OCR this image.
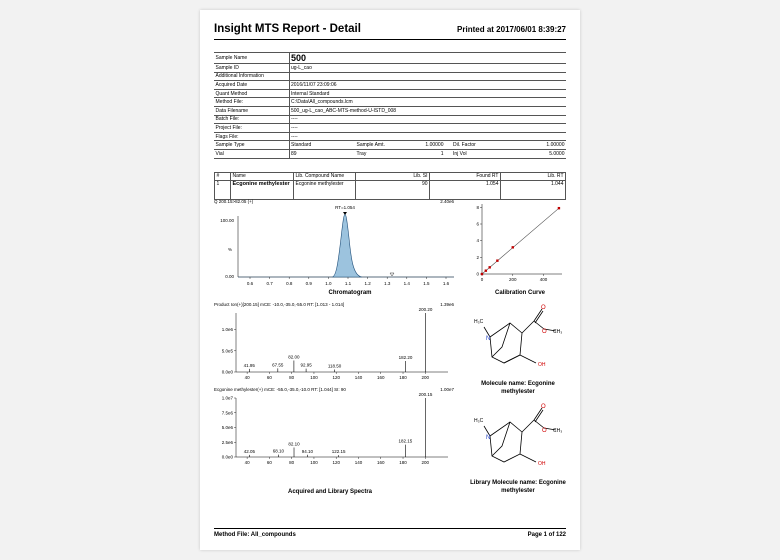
Insight MTS Report - Detail	Printed at 2017/06/01 8:39:27
Sample Name	500				
Sample ID	ug-L_cao				
Additional Information					
Acquired Date	2016/11/07 23:09:06				
Quant Method	Internal Standard				
Method File:	C:\Data\All_compounds.lcm				
Data Filename	500_ug-L_cao_ABC-MTS-method-U-ISTD_008				
Batch File:	----				
Project File:	----				
Flags File:	----				
Sample Type	Standard	Sample Amt.	1.00000	Dil. Factor	1.00000
Vial	89	Tray	1	Inj Vol	5.0000
#	Name	Lib. Compound Name	Lib. SI	Found RT	Lib. RT
1	Ecgonine methylester	Ecgonine methylester	90	1.054	1.044
Q 200.15>82.05 (+)	2.40e6
100.00
%
0.00
RT=1.054
0.6	0.7	0.8	0.9	1.0	1.1	1.2	1.3	1.4	1.5	1.6
Chromatogram
0
2
4
6
8
0	200	400
Calibration Curve
Product Ion(+)[200.15] mCE: -10.0,-35.0,-55.0 RT: [1.013 - 1.014]	1.39e6
1.0e6
5.0e5
0.0e0
40	60	80	100	120	140	160	180	200
41.95	67.55
82.00
92.95	118.50
182.20
200.20
Ecgonine methylester(+) mCE: -55.0,-35.0,-10.0 RT: [1.044] SI: 90	1.00e7
1.0e7
7.5e6
5.0e6
2.5e6
0.0e0
40	60	80	100	120	140	160	180	200
42.05	68.10
82.10
94.10	122.15
182.15
200.15
Acquired and Library Spectra
H₃C
N
O
O CH₃
OH
Molecule name: Ecgonine methylester
H₃C
N
O
O CH₃
OH
Library Molecule name: Ecgonine methylester
Method File: All_compounds	Page 1 of 122
